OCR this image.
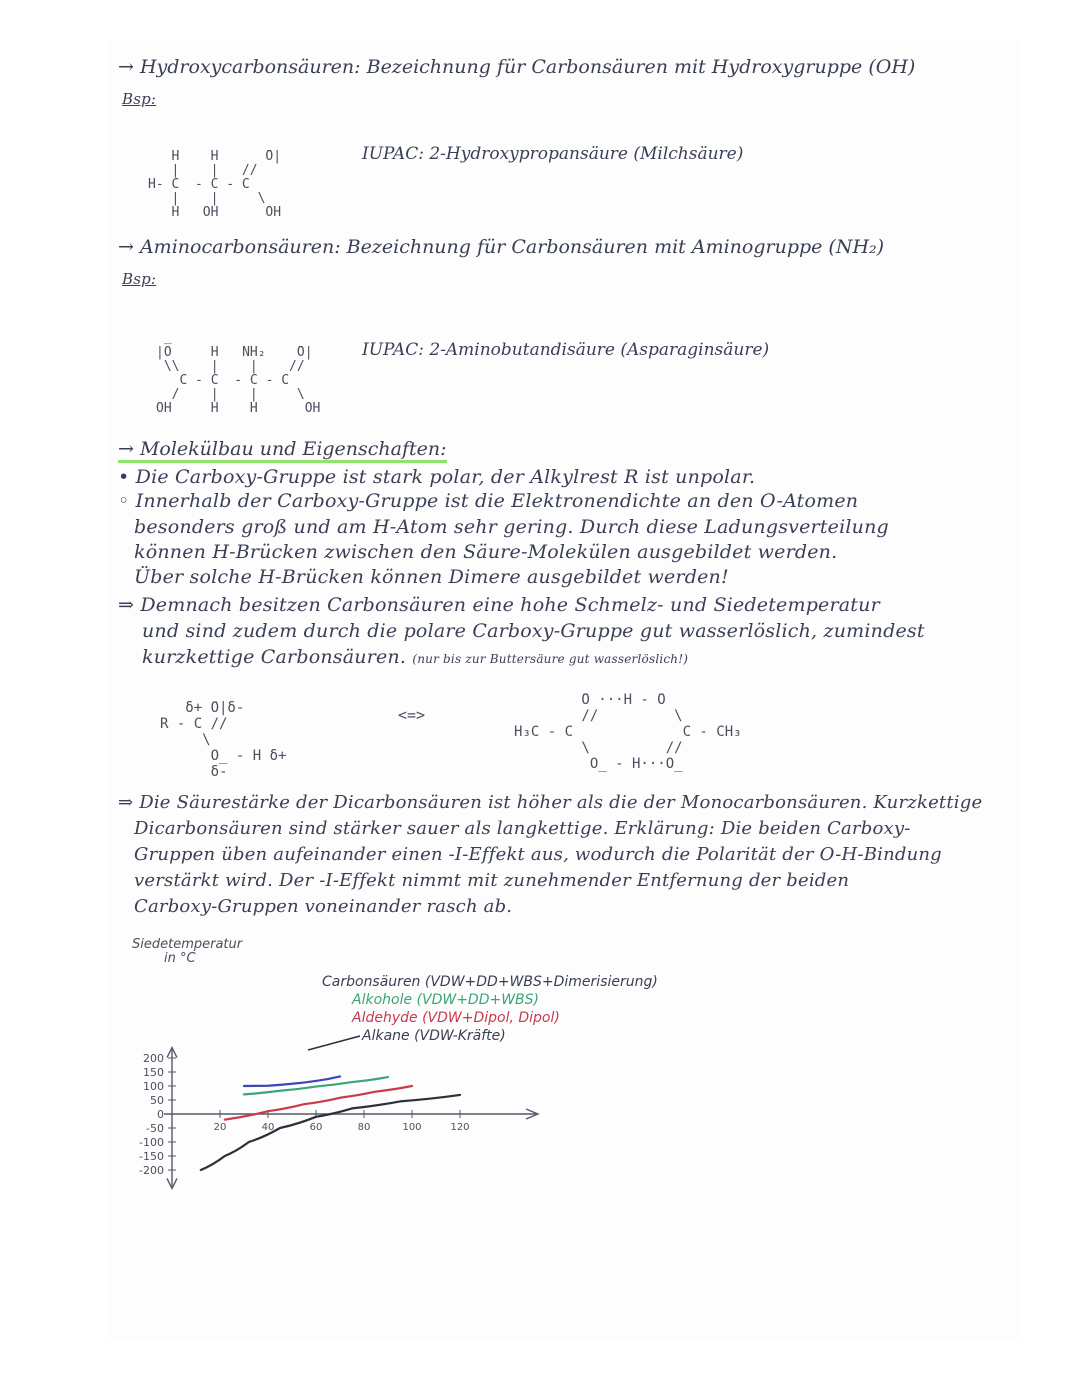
→ Hydroxycarbonsäuren: Bezeichnung für Carbonsäuren mit Hydroxygruppe (OH)
Bsp:

H    H      ̄O|
|    |   //
H- C  - C - C
|    |     \
H   OH      OH

IUPAC: 2-Hydroxypropansäure (Milchsäure)
→ Aminocarbonsäuren: Bezeichnung für Carbonsäuren mit Aminogruppe (NH₂)
Bsp:

|O̅     H   NH₂    ̄O|
\\    |    |    //
C - C  - C - C
/    |    |     \
OH     H    H      OH

IUPAC: 2-Aminobutandisäure (Asparaginsäure)
→ Molekülbau und Eigenschaften:
• Die Carboxy-Gruppe ist stark polar, der Alkylrest R ist unpolar.
◦ Innerhalb der Carboxy-Gruppe ist die Elektronendichte an den O-Atomen
besonders groß und am H-Atom sehr gering. Durch diese Ladungsverteilung
können H-Brücken zwischen den Säure-Molekülen ausgebildet werden.
Über solche H-Brücken können Dimere ausgebildet werden!
⇒ Demnach besitzen Carbonsäuren eine hohe Schmelz- und Siedetemperatur
und sind zudem durch die polare Carboxy-Gruppe gut wasserlöslich, zumindest
kurzkettige Carbonsäuren. (nur bis zur Buttersäure gut wasserlöslich!)

δ+ ̄O|δ-
R - C //
\
O̲ - H δ+
δ-

<=>

̄O ···H - ̄O
//         \
H₃C - C             C - CH₃
\         //
O̲ - H···O̲

⇒ Die Säurestärke der Dicarbonsäuren ist höher als die der Monocarbonsäuren. Kurzkettige
Dicarbonsäuren sind stärker sauer als langkettige. Erklärung: Die beiden Carboxy-
Gruppen üben aufeinander einen -I-Effekt aus, wodurch die Polarität der O-H-Bindung
verstärkt wird. Der -I-Effekt nimmt mit zunehmender Entfernung der beiden
Carboxy-Gruppen voneinander rasch ab.
Siedetemperatur in °C
200
150
100
50
0
-50
-100
-150
-200
20	40	60	80	100	120
Carbonsäuren (VDW+DD+WBS+Dimerisierung)
Alkohole (VDW+DD+WBS)
Aldehyde (VDW+Dipol, Dipol)
Alkane (VDW-Kräfte)
